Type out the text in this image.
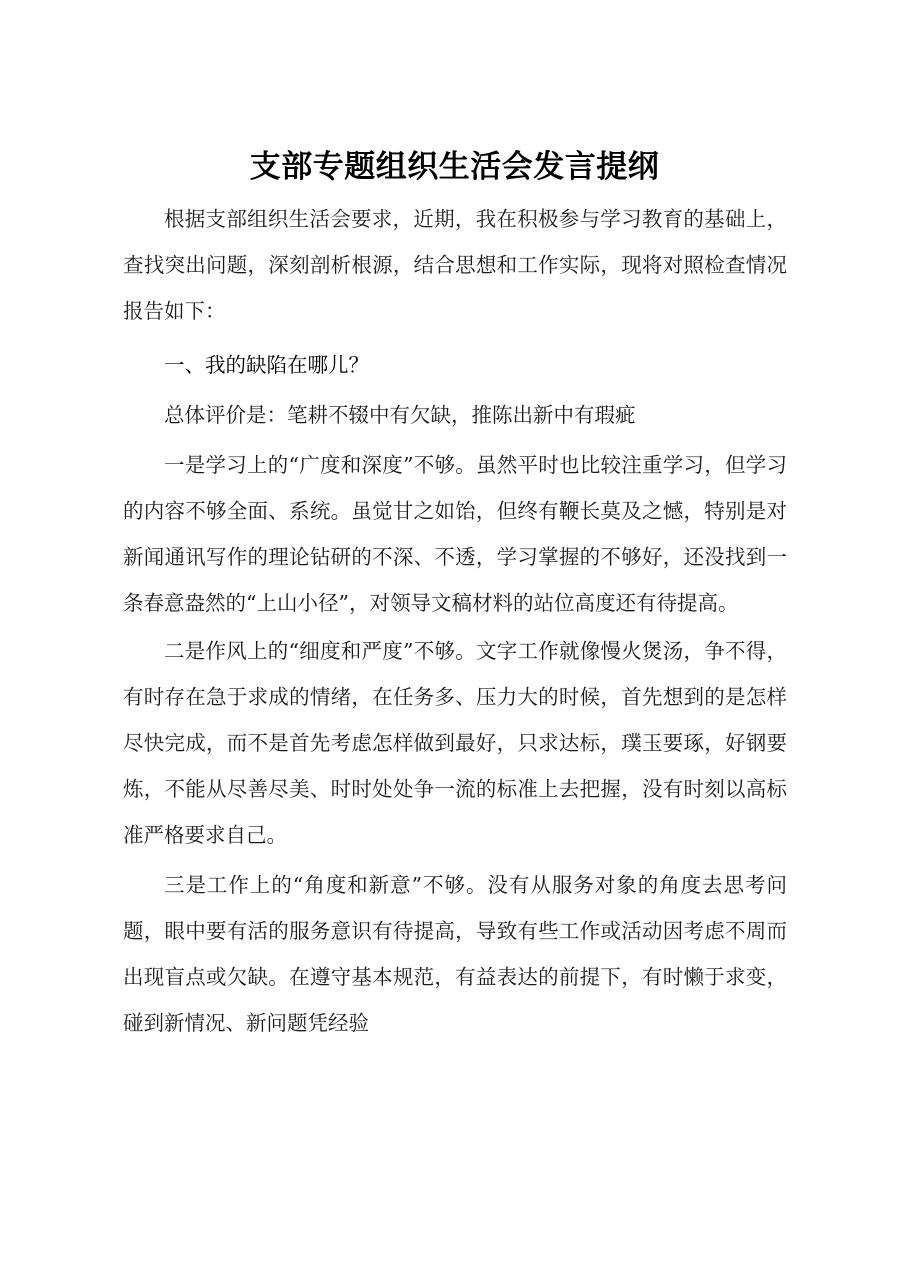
支部专题组织生活会发言提纲

根据支部组织生活会要求，近期，我在积极参与学习教育的基础上，查找突出问题，深刻剖析根源，结合思想和工作实际，现将对照检查情况报告如下：

一、我的缺陷在哪儿？

总体评价是：笔耕不辍中有欠缺，推陈出新中有瑕疵

一是学习上的“广度和深度”不够。虽然平时也比较注重学习，但学习的内容不够全面、系统。虽觉甘之如饴，但终有鞭长莫及之憾，特别是对新闻通讯写作的理论钻研的不深、不透，学习掌握的不够好，还没找到一条春意盎然的“上山小径”，对领导文稿材料的站位高度还有待提高。

二是作风上的“细度和严度”不够。文字工作就像慢火煲汤，争不得，有时存在急于求成的情绪，在任务多、压力大的时候，首先想到的是怎样尽快完成，而不是首先考虑怎样做到最好，只求达标，璞玉要琢，好钢要炼，不能从尽善尽美、时时处处争一流的标准上去把握，没有时刻以高标准严格要求自己。

三是工作上的“角度和新意”不够。没有从服务对象的角度去思考问题，眼中要有活的服务意识有待提高，导致有些工作或活动因考虑不周而出现盲点或欠缺。在遵守基本规范，有益表达的前提下，有时懒于求变，碰到新情况、新问题凭经验
